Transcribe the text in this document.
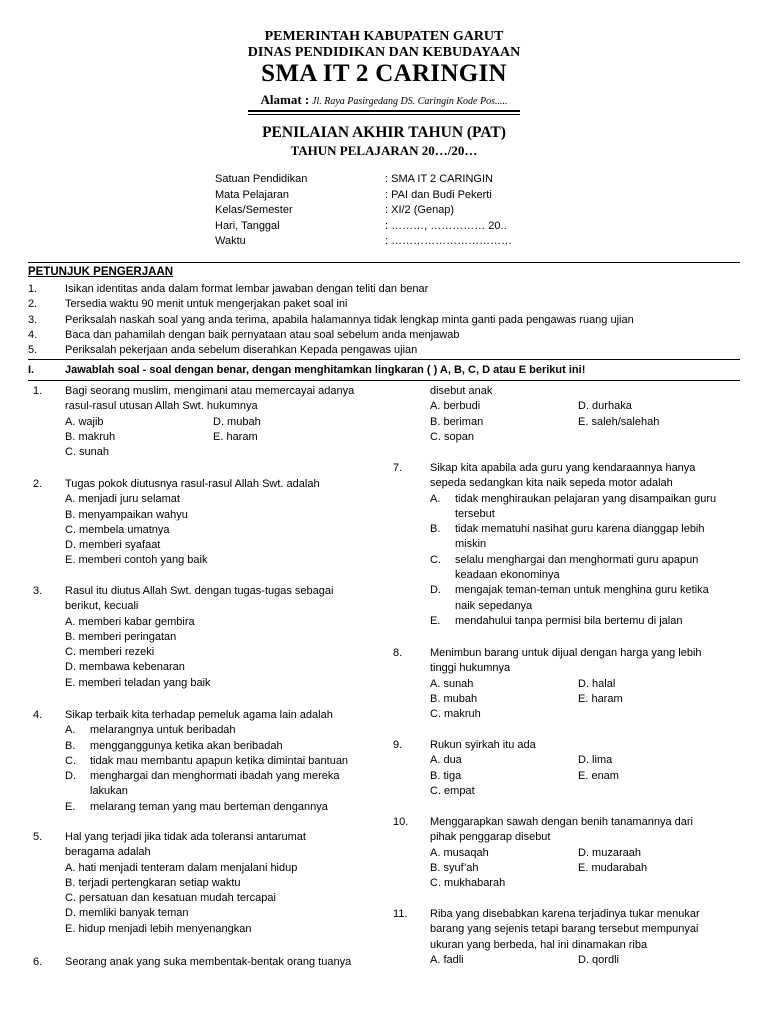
PEMERINTAH KABUPATEN GARUT
DINAS PENDIDIKAN DAN KEBUDAYAAN
SMA IT 2 CARINGIN
Alamat : Jl. Raya Pasirgedang DS. Caringin Kode Pos.....
PENILAIAN AKHIR TAHUN (PAT)
TAHUN PELAJARAN 20…/20…
Satuan Pendidikan	: SMA IT 2 CARINGIN
Mata Pelajaran	: PAI dan Budi Pekerti
Kelas/Semester	: XI/2 (Genap)
Hari, Tanggal	: ………, …………… 20..
Waktu	: ……………………………
PETUNJUK PENGERJAAN
1.	Isikan identitas anda dalam format lembar jawaban dengan teliti dan benar
2.	Tersedia waktu 90 menit untuk mengerjakan paket soal ini
3.	Periksalah naskah soal yang anda terima, apabila halamannya tidak lengkap minta ganti pada pengawas ruang ujian
4.	Baca dan pahamilah dengan baik pernyataan atau soal sebelum anda menjawab
5.	Periksalah pekerjaan anda sebelum diserahkan Kepada pengawas ujian
I.	Jawablah soal - soal dengan benar, dengan menghitamkan lingkaran ( ) A, B, C, D atau E berikut ini!
1. Bagi seorang muslim, mengimani atau memercayai adanya
rasul-rasul utusan Allah Swt. hukumnya
A. wajib	D. mubah
B. makruh	E. haram
C. sunah
2. Tugas pokok diutusnya rasul-rasul Allah Swt. adalah
A. menjadi juru selamat
B. menyampaikan wahyu
C. membela umatnya
D. memberi syafaat
E. memberi contoh yang baik
3. Rasul itu diutus Allah Swt. dengan tugas-tugas sebagai
berikut, kecuali
A. memberi kabar gembira
B. memberi peringatan
C. memberi rezeki
D. membawa kebenaran
E. memberi teladan yang baik
4. Sikap terbaik kita terhadap pemeluk agama lain adalah
A.	melarangnya untuk beribadah
B.	mengganggunya ketika akan beribadah
C.	tidak mau membantu apapun ketika dimintai bantuan
D.	menghargai dan menghormati ibadah yang mereka
lakukan
E.	melarang teman yang mau berteman dengannya
5. Hal yang terjadi jika tidak ada toleransi antarumat
beragama adalah
A. hati menjadi tenteram dalam menjalani hidup
B. terjadi pertengkaran setiap waktu
C. persatuan dan kesatuan mudah tercapai
D. memliki banyak teman
E. hidup menjadi lebih menyenangkan
6. Seorang anak yang suka membentak-bentak orang tuanya
disebut anak
A. berbudi	D. durhaka
B. beriman	E. saleh/salehah
C. sopan
7.	Sikap kita apabila ada guru yang kendaraannya hanya
sepeda sedangkan kita naik sepeda motor adalah
A.	tidak menghiraukan pelajaran yang disampaikan guru
tersebut
B.	tidak mematuhi nasihat guru karena dianggap lebih
miskin
C.	selalu menghargai dan menghormati guru apapun
keadaan ekonominya
D.	mengajak teman-teman untuk menghina guru ketika
naik sepedanya
E.	mendahului tanpa permisi bila bertemu di jalan
8.	Menimbun barang untuk dijual dengan harga yang lebih
tinggi hukumnya
A. sunah	D. halal
B. mubah	E. haram
C. makruh
9.	Rukun syirkah itu ada
A. dua	D. lima
B. tiga	E. enam
C. empat
10. Menggarapkan sawah dengan benih tanamannya dari
pihak penggarap disebut
A. musaqah	D. muzaraah
B. syuf’ah	E. mudarabah
C. mukhabarah
11. Riba yang disebabkan karena terjadinya tukar menukar
barang yang sejenis tetapi barang tersebut mempunyai
ukuran yang berbeda, hal ini dinamakan riba
A. fadli	D. qordli
